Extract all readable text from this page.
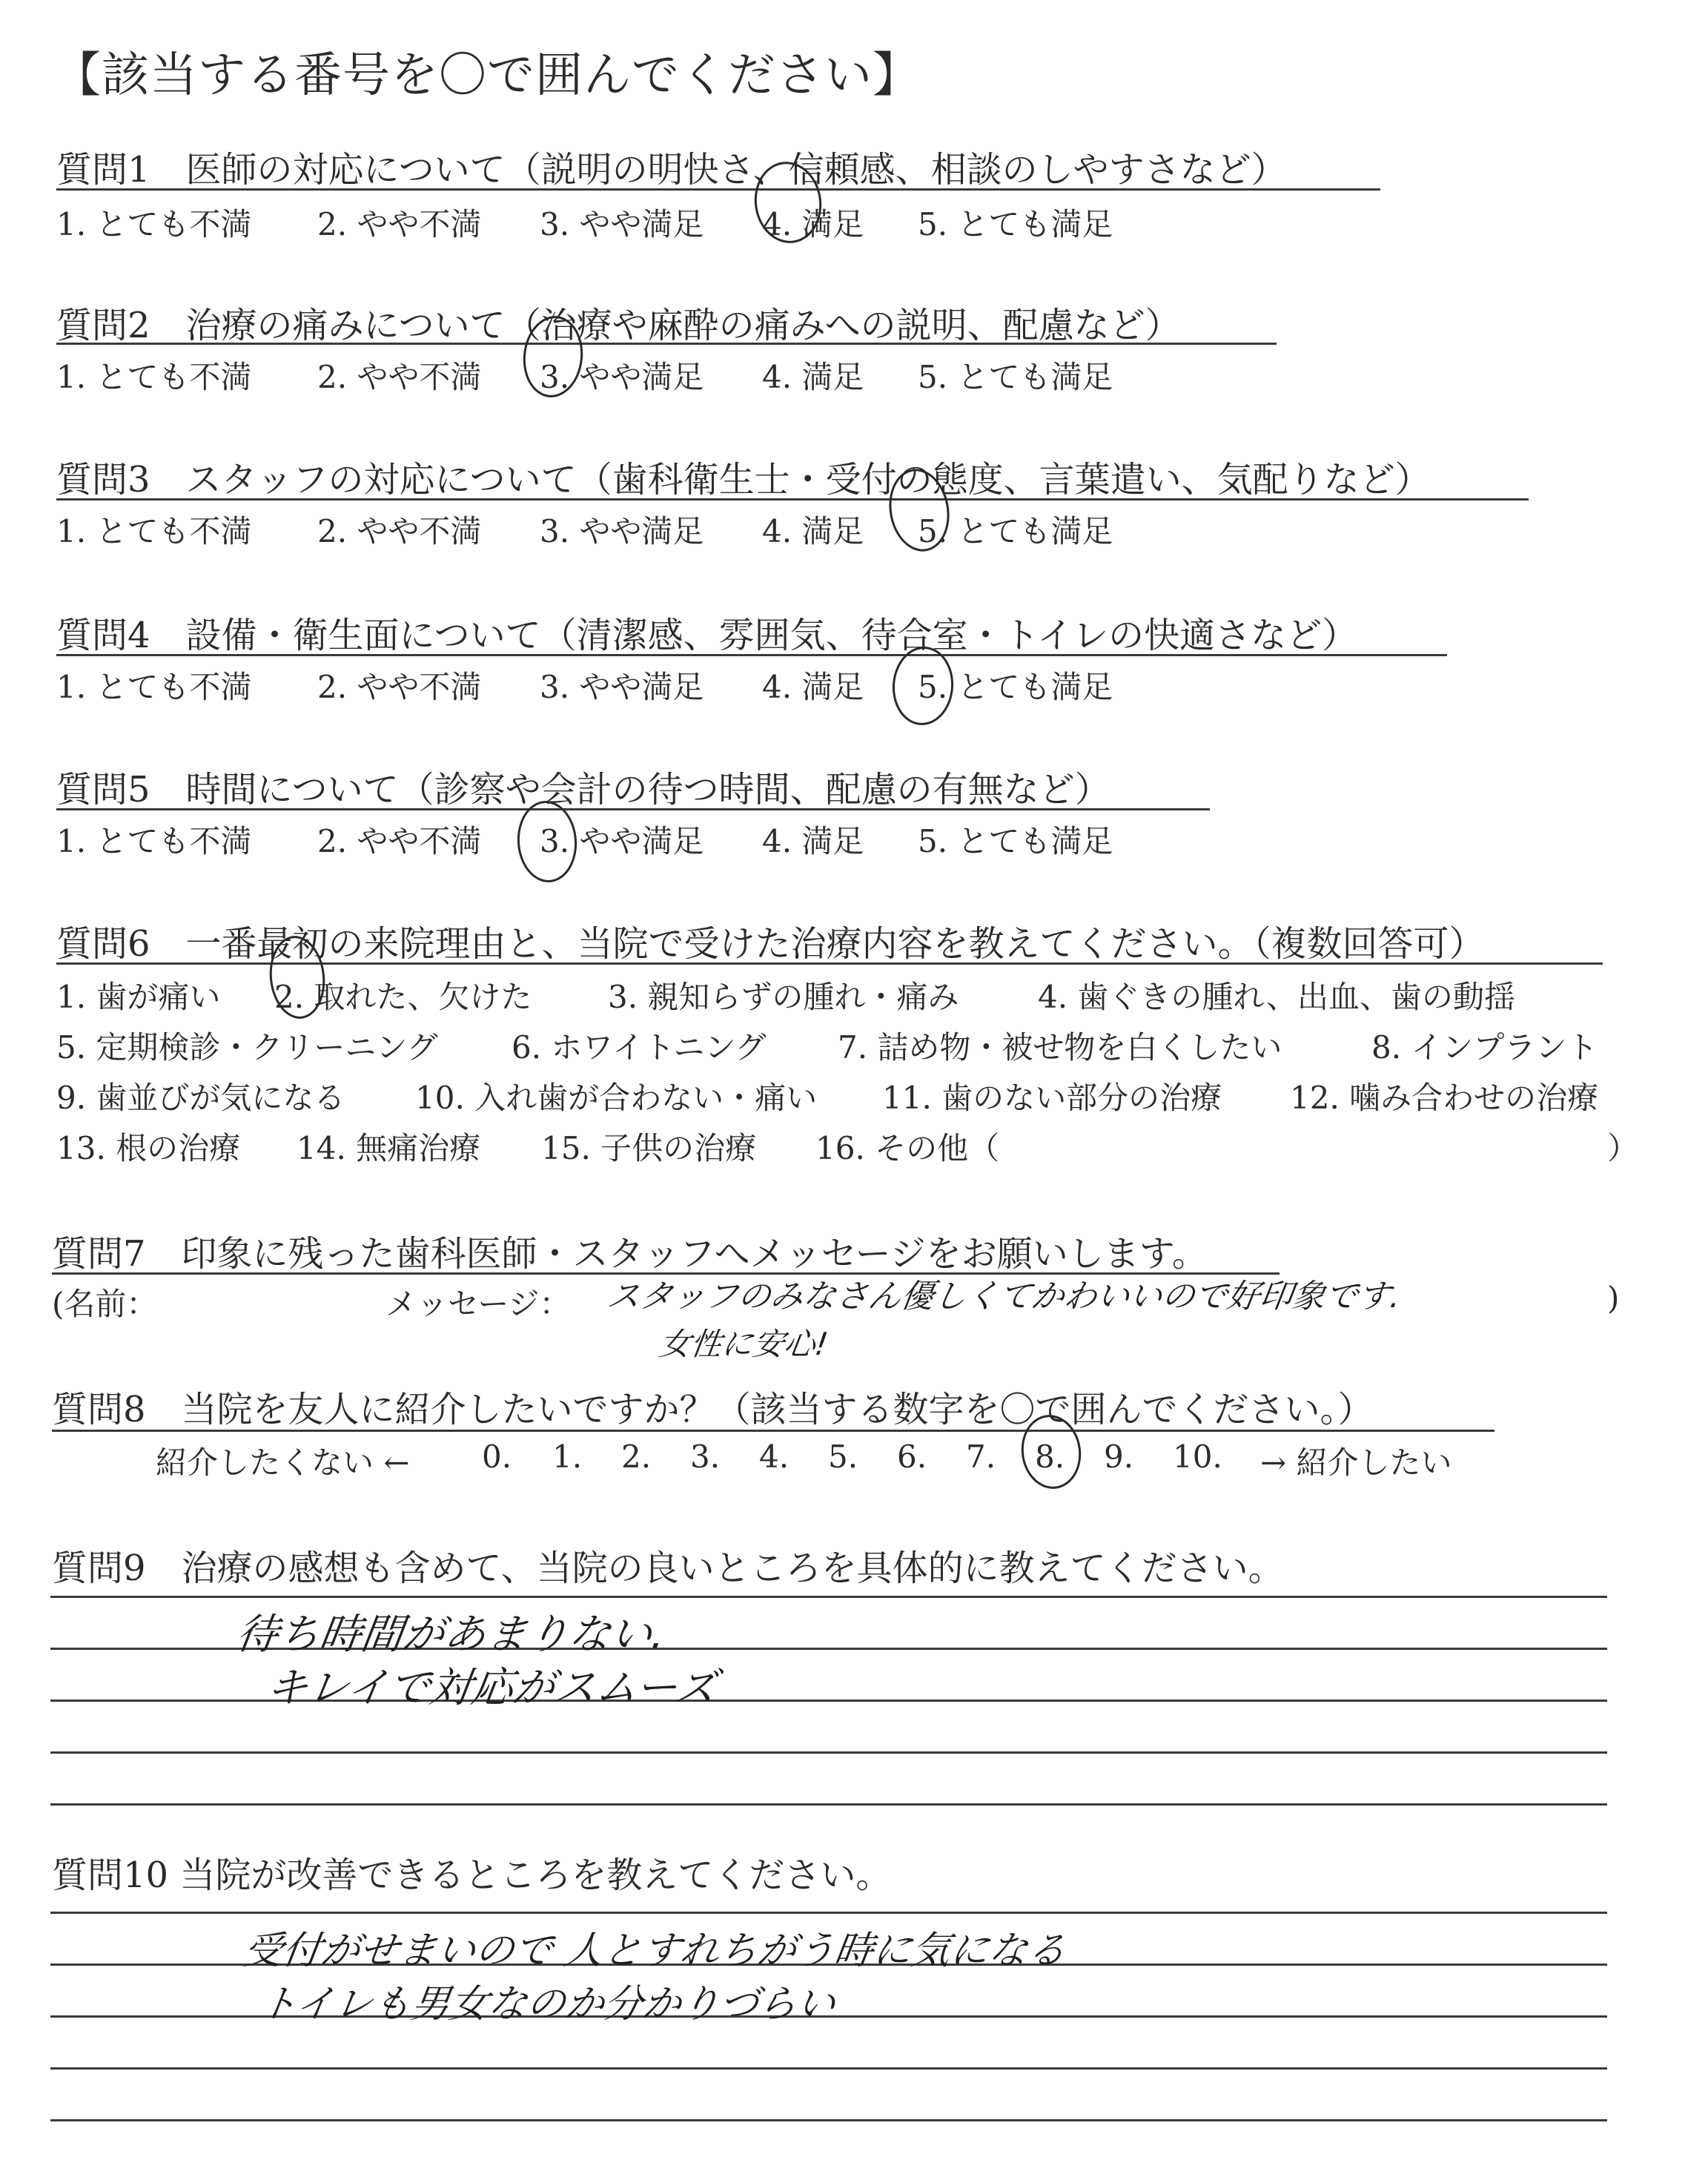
【該当する番号を〇で囲んでください】
質問1　医師の対応について（説明の明快さ、信頼感、相談のしやすさなど）
1. とても不満 2. やや不満 3. やや満足 4. 満足 5. とても満足
質問2　治療の痛みについて（治療や麻酔の痛みへの説明、配慮など）
1. とても不満 2. やや不満 3. やや満足 4. 満足 5. とても満足
質問3　スタッフの対応について（歯科衛生士・受付の態度、言葉遣い、気配りなど）
1. とても不満 2. やや不満 3. やや満足 4. 満足 5. とても満足
質問4　設備・衛生面について（清潔感、雰囲気、待合室・トイレの快適さなど）
1. とても不満 2. やや不満 3. やや満足 4. 満足 5. とても満足
質問5　時間について（診察や会計の待つ時間、配慮の有無など）
1. とても不満 2. やや不満 3. やや満足 4. 満足 5. とても満足
質問6　一番最初の来院理由と、当院で受けた治療内容を教えてください。（複数回答可）
1. 歯が痛い 2. 取れた、欠けた 3. 親知らずの腫れ・痛み	4. 歯ぐきの腫れ、出血、歯の動揺
5. 定期検診・クリーニング 6. ホワイトニング 7. 詰め物・被せ物を白くしたい	8. インプラント
9. 歯並びが気になる 10. 入れ歯が合わない・痛い 11. 歯のない部分の治療 12. 噛み合わせの治療
13. 根の治療 14. 無痛治療 15. 子供の治療 16. その他（	）
質問7　印象に残った歯科医師・スタッフへメッセージをお願いします。
(名前：	メッセージ：	)
スタッフのみなさん優しくてかわいいので好印象です.
女性に安心!
質問8　当院を友人に紹介したいですか？（該当する数字を〇で囲んでください。）
紹介したくない ← 0. 1. 2. 3. 4. 5. 6. 7. 8. 9. 10. → 紹介したい
質問9　治療の感想も含めて、当院の良いところを具体的に教えてください。
待ち時間があまりない.
キレイで対応がスムーズ
質問10 当院が改善できるところを教えてください。
受付がせまいので 人とすれちがう時に気になる
トイレも男女なのか分かりづらい
